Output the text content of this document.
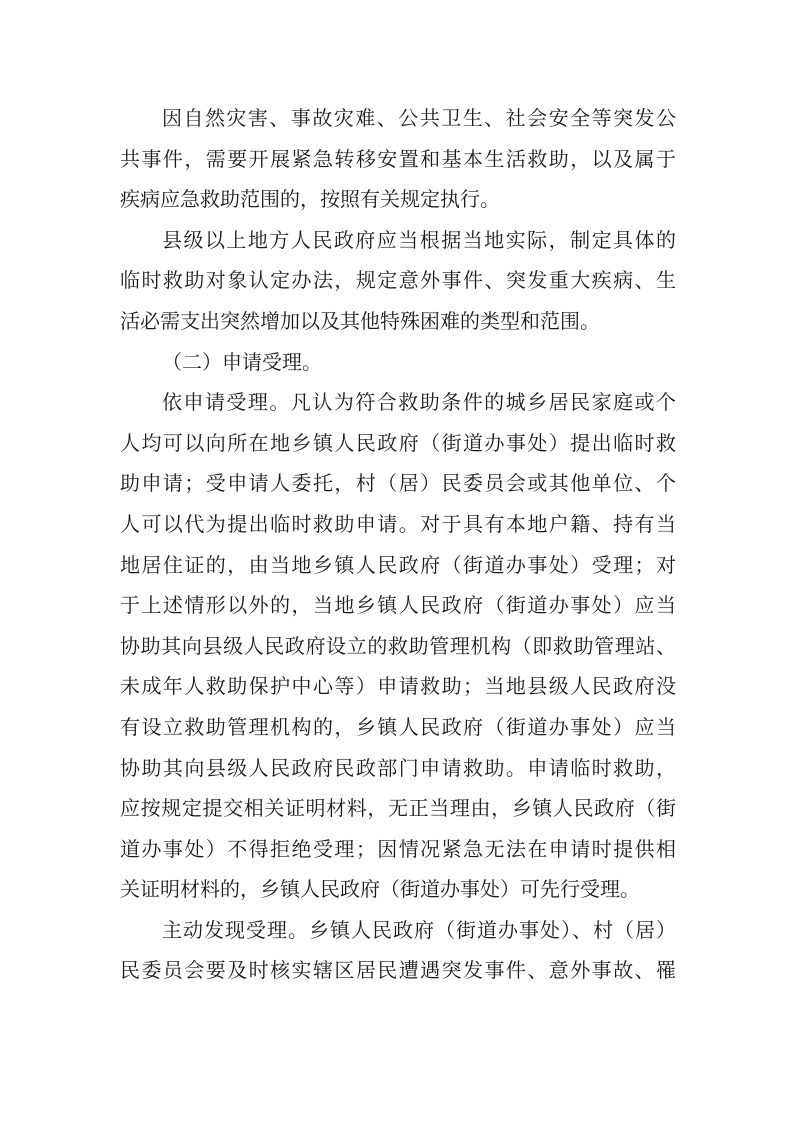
因自然灾害、事故灾难、公共卫生、社会安全等突发公
共事件，需要开展紧急转移安置和基本生活救助，以及属于
疾病应急救助范围的，按照有关规定执行。
县级以上地方人民政府应当根据当地实际，制定具体的
临时救助对象认定办法，规定意外事件、突发重大疾病、生
活必需支出突然增加以及其他特殊困难的类型和范围。
（二）申请受理。
依申请受理。凡认为符合救助条件的城乡居民家庭或个
人均可以向所在地乡镇人民政府（街道办事处）提出临时救
助申请；受申请人委托，村（居）民委员会或其他单位、个
人可以代为提出临时救助申请。对于具有本地户籍、持有当
地居住证的，由当地乡镇人民政府（街道办事处）受理；对
于上述情形以外的，当地乡镇人民政府（街道办事处）应当
协助其向县级人民政府设立的救助管理机构（即救助管理站、
未成年人救助保护中心等）申请救助；当地县级人民政府没
有设立救助管理机构的，乡镇人民政府（街道办事处）应当
协助其向县级人民政府民政部门申请救助。申请临时救助，
应按规定提交相关证明材料，无正当理由，乡镇人民政府（街
道办事处）不得拒绝受理；因情况紧急无法在申请时提供相
关证明材料的，乡镇人民政府（街道办事处）可先行受理。
主动发现受理。乡镇人民政府（街道办事处）、村（居）
民委员会要及时核实辖区居民遭遇突发事件、意外事故、罹
